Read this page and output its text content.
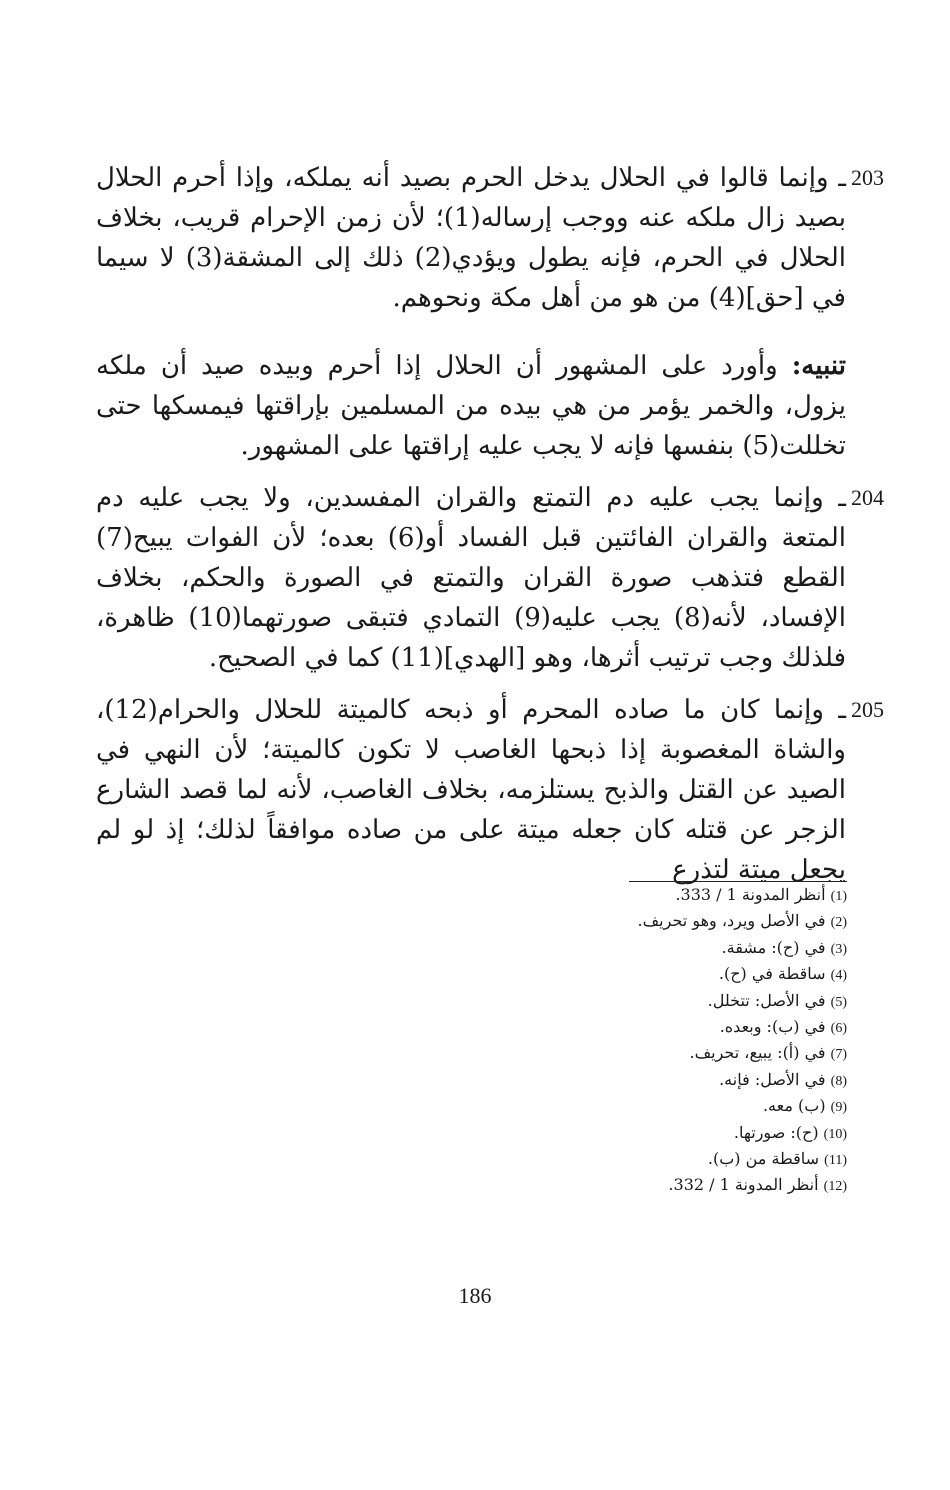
203
ـ وإنما قالوا في الحلال يدخل الحرم بصيد أنه يملكه، وإذا أحرم الحلال بصيد زال ملكه عنه ووجب إرساله(1)؛ لأن زمن الإحرام قريب، بخلاف الحلال في الحرم، فإنه يطول ويؤدي(2) ذلك إلى المشقة(3) لا سيما في [حق](4) من هو من أهل مكة ونحوهم.
تنبيه: وأورد على المشهور أن الحلال إذا أحرم وبيده صيد أن ملكه يزول، والخمر يؤمر من هي بيده من المسلمين بإراقتها فيمسكها حتى تخللت(5) بنفسها فإنه لا يجب عليه إراقتها على المشهور.
204
ـ وإنما يجب عليه دم التمتع والقران المفسدين، ولا يجب عليه دم المتعة والقران الفائتين قبل الفساد أو(6) بعده؛ لأن الفوات يبيح(7) القطع فتذهب صورة القران والتمتع في الصورة والحكم، بخلاف الإفساد، لأنه(8) يجب عليه(9) التمادي فتبقى صورتهما(10) ظاهرة، فلذلك وجب ترتيب أثرها، وهو [الهدي](11) كما في الصحيح.
205
ـ وإنما كان ما صاده المحرم أو ذبحه كالميتة للحلال والحرام(12)، والشاة المغصوبة إذا ذبحها الغاصب لا تكون كالميتة؛ لأن النهي في الصيد عن القتل والذبح يستلزمه، بخلاف الغاصب، لأنه لما قصد الشارع الزجر عن قتله كان جعله ميتة على من صاده موافقاً لذلك؛ إذ لو لم يجعل ميتة لتذرع
(1) أنظر المدونة 1 / 333.
(2) في الأصل ويرد، وهو تحريف.
(3) في (ح): مشقة.
(4) ساقطة في (ح).
(5) في الأصل: تتخلل.
(6) في (ب): وبعده.
(7) في (أ): يبيع، تحريف.
(8) في الأصل: فإنه.
(9) (ب) معه.
(10) (ح): صورتها.
(11) ساقطة من (ب).
(12) أنظر المدونة 1 / 332.
186
